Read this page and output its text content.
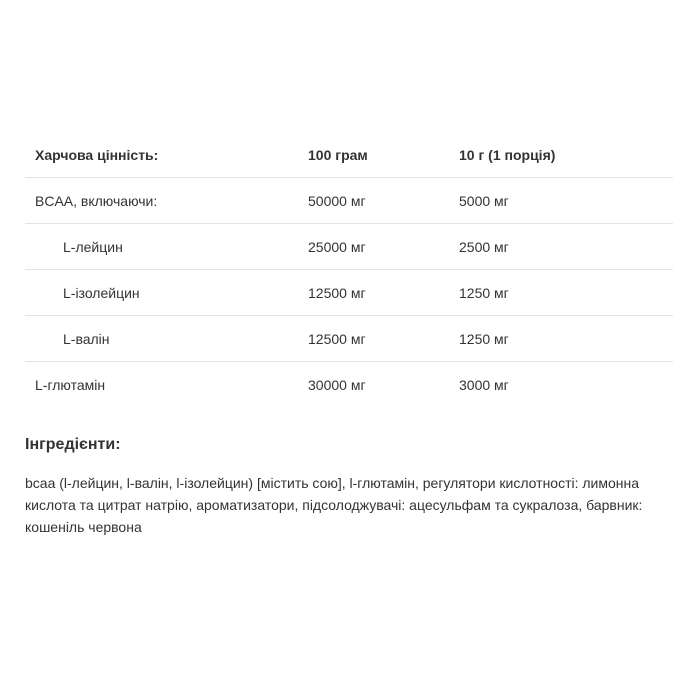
Харчова цінність:	100 грам	10 г (1 порція)
BCAA, включаючи:	50000 мг	5000 мг
L-лейцин	25000 мг	2500 мг
L-ізолейцин	12500 мг	1250 мг
L-валін	12500 мг	1250 мг
L-глютамін	30000 мг	3000 мг
Інгредієнти:

bcaa (l-лейцин, l-валін, l-ізолейцин) [містить сою], l-глютамін, регулятори кислотності: лимонна кислота та цитрат натрію, ароматизатори, підсолоджувачі: ацесульфам та сукралоза, барвник: кошеніль червона
